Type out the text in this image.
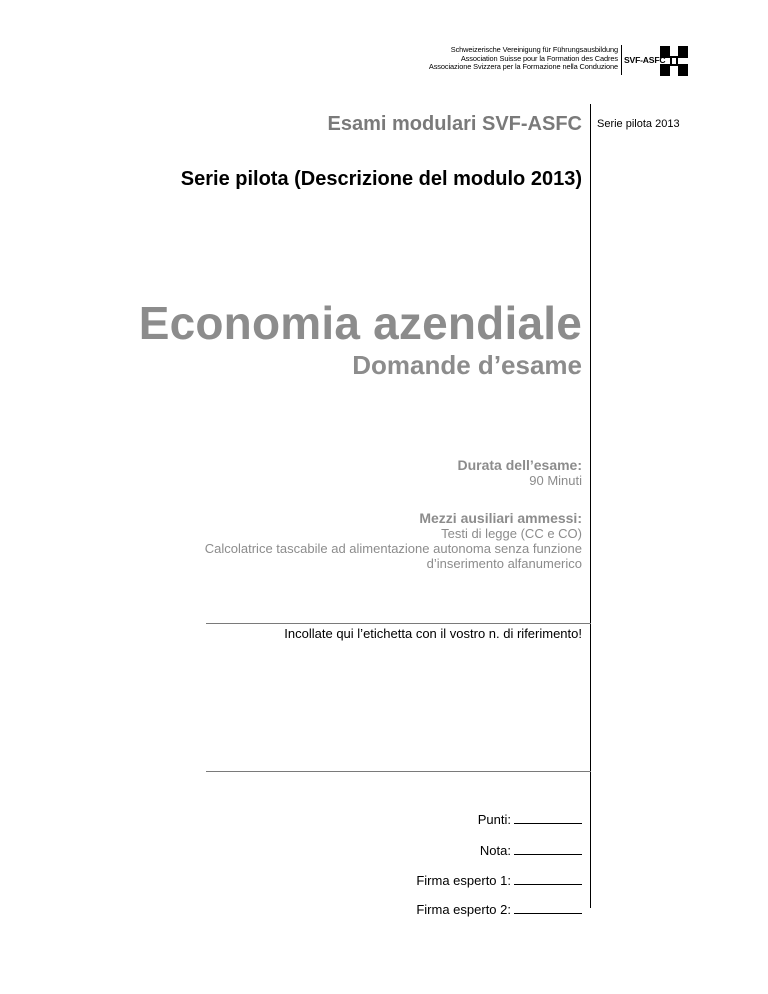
Schweizerische Vereinigung für Führungsausbildung
Association Suisse pour la Formation des Cadres
Associazione Svizzera per la Formazione nella Conduzione
SVF-ASFC
Serie pilota 2013
Esami modulari SVF-ASFC
Serie pilota (Descrizione del modulo 2013)
Economia azendiale
Domande d’esame
Durata dell’esame:
90 Minuti
Mezzi ausiliari ammessi:
Testi di legge (CC e CO)
Calcolatrice tascabile ad alimentazione autonoma senza funzione
d’inserimento alfanumerico
Incollate qui l’etichetta con il vostro n. di riferimento!
Punti:
Nota:
Firma esperto 1:
Firma esperto 2:
